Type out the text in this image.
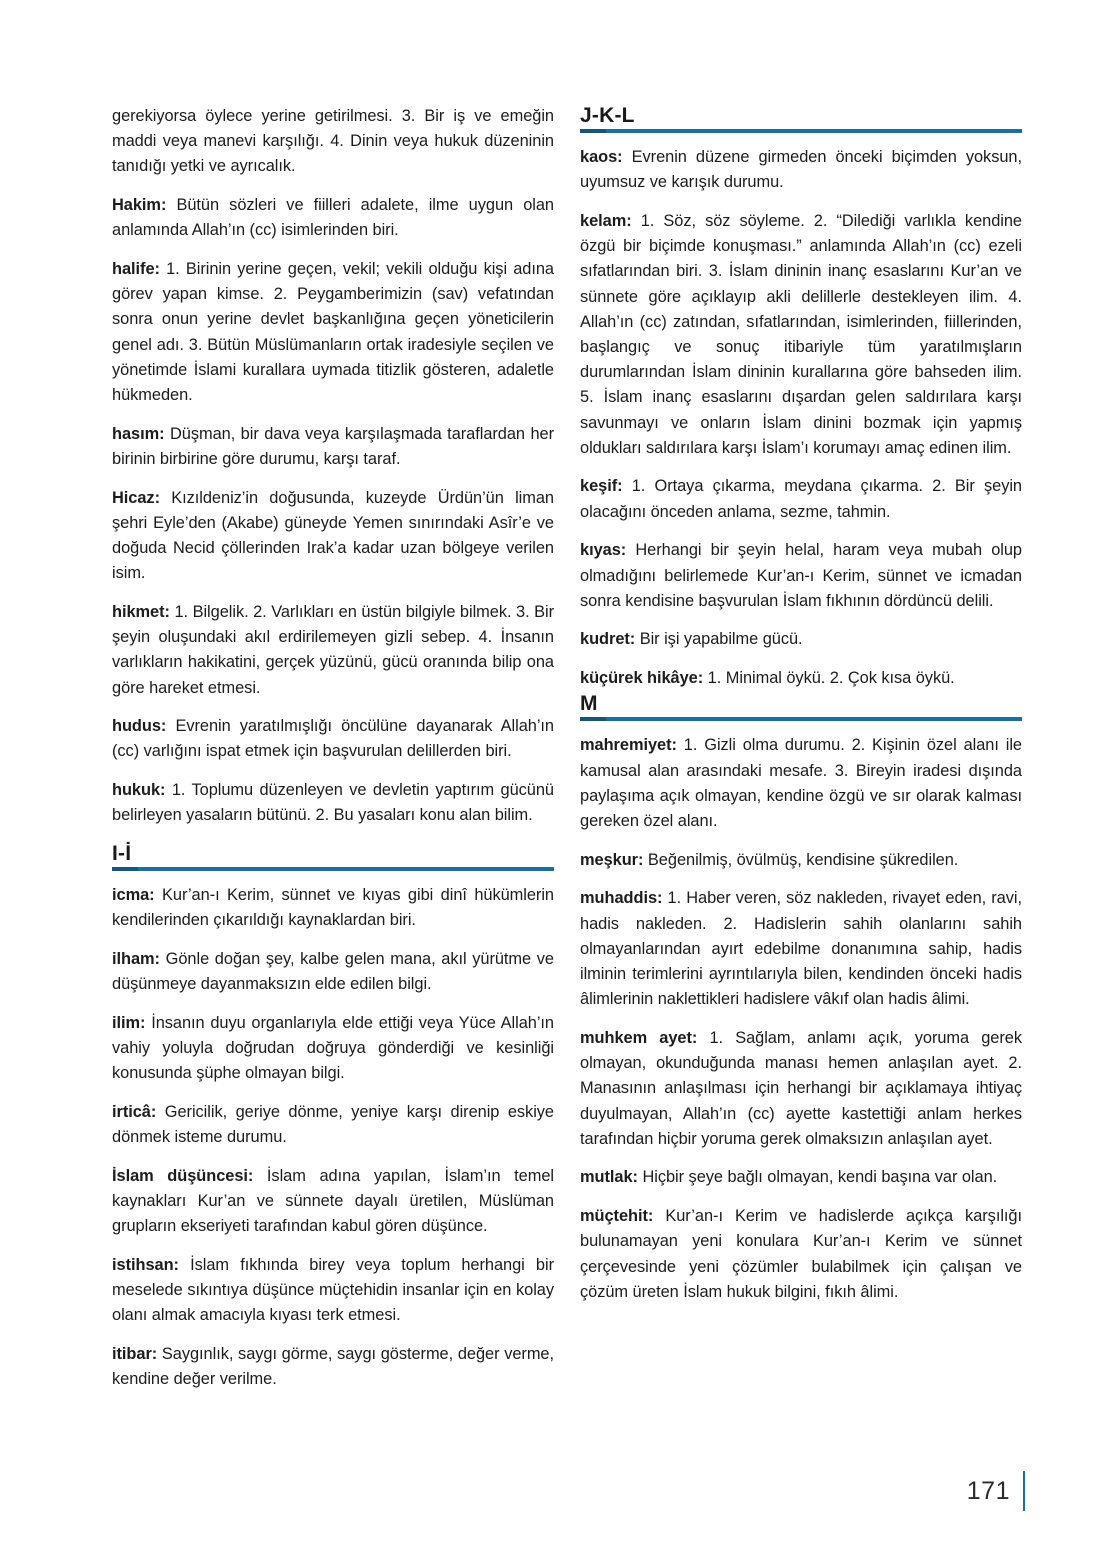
gerekiyorsa öylece yerine getirilmesi. 3. Bir iş ve emeğin maddi veya manevi karşılığı. 4. Dinin veya hukuk düzeninin tanıdığı yetki ve ayrıcalık.

Hakim: Bütün sözleri ve fiilleri adalete, ilme uygun olan anlamında Allah’ın (cc) isimlerinden biri.

halife: 1. Birinin yerine geçen, vekil; vekili olduğu kişi adına görev yapan kimse. 2. Peygamberimizin (sav) vefatından sonra onun yerine devlet başkanlığına geçen yöneticilerin genel adı. 3. Bütün Müslümanların ortak iradesiyle seçilen ve yönetimde İslami kurallara uymada titizlik gösteren, adaletle hükmeden.

hasım: Düşman, bir dava veya karşılaşmada taraflardan her birinin birbirine göre durumu, karşı taraf.

Hicaz: Kızıldeniz’in doğusunda, kuzeyde Ürdün’ün liman şehri Eyle’den (Akabe) güneyde Yemen sınırındaki Asîr’e ve doğuda Necid çöllerinden Irak’a kadar uzan bölgeye verilen isim.

hikmet: 1. Bilgelik. 2. Varlıkları en üstün bilgiyle bilmek. 3. Bir şeyin oluşundaki akıl erdirilemeyen gizli sebep. 4. İnsanın varlıkların hakikatini, gerçek yüzünü, gücü oranında bilip ona göre hareket etmesi.

hudus: Evrenin yaratılmışlığı öncülüne dayanarak Allah’ın (cc) varlığını ispat etmek için başvurulan delillerden biri.

hukuk: 1. Toplumu düzenleyen ve devletin yaptırım gücünü belirleyen yasaların bütünü. 2. Bu yasaları konu alan bilim.

I-İ

icma: Kur’an-ı Kerim, sünnet ve kıyas gibi dinî hükümlerin kendilerinden çıkarıldığı kaynaklardan biri.

ilham: Gönle doğan şey, kalbe gelen mana, akıl yürütme ve düşünmeye dayanmaksızın elde edilen bilgi.

ilim: İnsanın duyu organlarıyla elde ettiği veya Yüce Allah’ın vahiy yoluyla doğrudan doğruya gönderdiği ve kesinliği konusunda şüphe olmayan bilgi.

irticâ: Gericilik, geriye dönme, yeniye karşı direnip eskiye dönmek isteme durumu.

İslam düşüncesi: İslam adına yapılan, İslam’ın temel kaynakları Kur’an ve sünnete dayalı üretilen, Müslüman grupların ekseriyeti tarafından kabul gören düşünce.

istihsan: İslam fıkhında birey veya toplum herhangi bir meselede sıkıntıya düşünce müçtehidin insanlar için en kolay olanı almak amacıyla kıyası terk etmesi.

itibar: Saygınlık, saygı görme, saygı gösterme, değer verme, kendine değer verilme.

J-K-L

kaos: Evrenin düzene girmeden önceki biçimden yoksun, uyumsuz ve karışık durumu.

kelam: 1. Söz, söz söyleme. 2. “Dilediği varlıkla kendine özgü bir biçimde konuşması.” anlamında Allah’ın (cc) ezeli sıfatlarından biri. 3. İslam dininin inanç esaslarını Kur’an ve sünnete göre açıklayıp akli delillerle destekleyen ilim. 4. Allah’ın (cc) zatından, sıfatlarından, isimlerinden, fiillerinden, başlangıç ve sonuç itibariyle tüm yaratılmışların durumlarından İslam dininin kurallarına göre bahseden ilim. 5. İslam inanç esaslarını dışardan gelen saldırılara karşı savunmayı ve onların İslam dinini bozmak için yapmış oldukları saldırılara karşı İslam’ı korumayı amaç edinen ilim.

keşif: 1. Ortaya çıkarma, meydana çıkarma. 2. Bir şeyin olacağını önceden anlama, sezme, tahmin.

kıyas: Herhangi bir şeyin helal, haram veya mubah olup olmadığını belirlemede Kur’an-ı Kerim, sünnet ve icmadan sonra kendisine başvurulan İslam fıkhının dördüncü delili.

kudret: Bir işi yapabilme gücü.

küçürek hikâye: 1. Minimal öykü. 2. Çok kısa öykü.

M

mahremiyet: 1. Gizli olma durumu. 2. Kişinin özel alanı ile kamusal alan arasındaki mesafe. 3. Bireyin iradesi dışında paylaşıma açık olmayan, kendine özgü ve sır olarak kalması gereken özel alanı.

meşkur: Beğenilmiş, övülmüş, kendisine şükredilen.

muhaddis: 1. Haber veren, söz nakleden, rivayet eden, ravi, hadis nakleden. 2. Hadislerin sahih olanlarını sahih olmayanlarından ayırt edebilme donanımına sahip, hadis ilminin terimlerini ayrıntılarıyla bilen, kendinden önceki hadis âlimlerinin naklettikleri hadislere vâkıf olan hadis âlimi.

muhkem ayet: 1. Sağlam, anlamı açık, yoruma gerek olmayan, okunduğunda manası hemen anlaşılan ayet. 2. Manasının anlaşılması için herhangi bir açıklamaya ihtiyaç duyulmayan, Allah’ın (cc) ayette kastettiği anlam herkes tarafından hiçbir yoruma gerek olmaksızın anlaşılan ayet.

mutlak: Hiçbir şeye bağlı olmayan, kendi başına var olan.

müçtehit: Kur’an-ı Kerim ve hadislerde açıkça karşılığı bulunamayan yeni konulara Kur’an-ı Kerim ve sünnet çerçevesinde yeni çözümler bulabilmek için çalışan ve çözüm üreten İslam hukuk bilgini, fıkıh âlimi.

171
